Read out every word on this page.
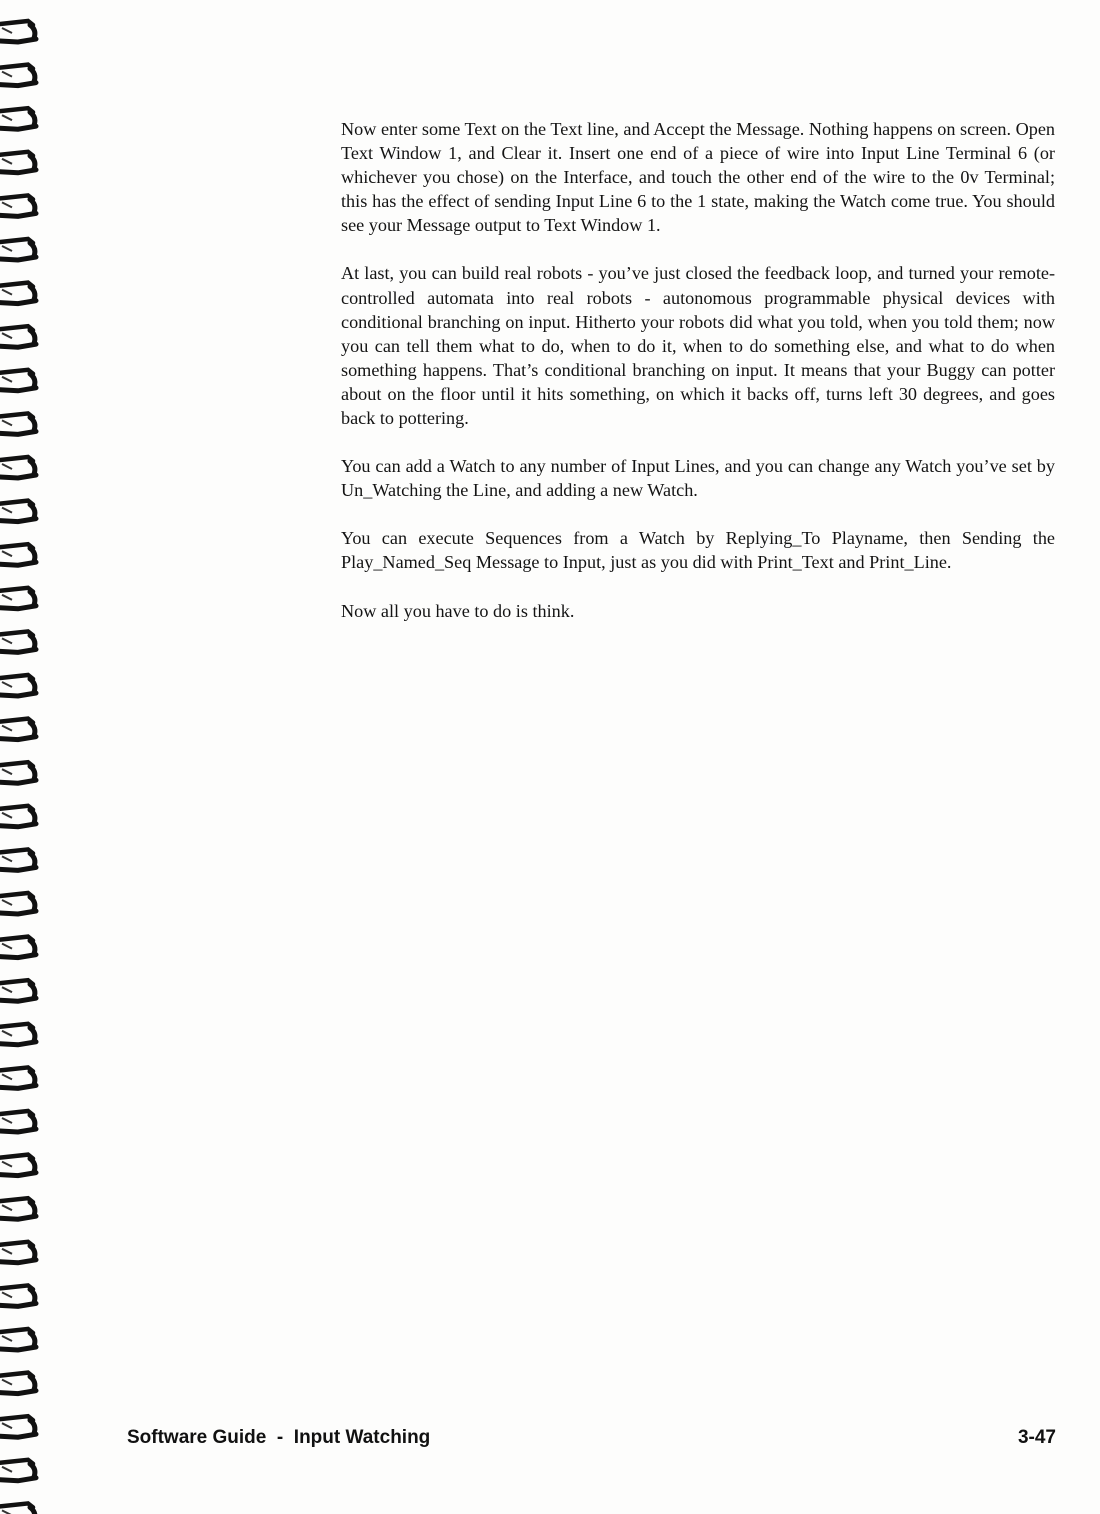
Now enter some Text on the Text line, and Accept the Message. Nothing happens on screen. Open Text Window 1, and Clear it. Insert one end of a piece of wire into Input Line Terminal 6 (or whichever you chose) on the Interface, and touch the other end of the wire to the 0v Terminal; this has the effect of sending Input Line 6 to the 1 state, making the Watch come true. You should see your Message output to Text Window 1.

At last, you can build real robots - you’ve just closed the feedback loop, and turned your remote- controlled automata into real robots - autonomous programmable physical devices with conditional branching on input. Hitherto your robots did what you told, when you told them; now you can tell them what to do, when to do it, when to do something else, and what to do when something happens. That’s conditional branching on input. It means that your Buggy can potter about on the floor until it hits something, on which it backs off, turns left 30 degrees, and goes back to pottering.

You can add a Watch to any number of Input Lines, and you can change any Watch you’ve set by Un_Watching the Line, and adding a new Watch.

You can execute Sequences from a Watch by Replying_To Playname, then Sending the Play_Named_Seq Message to Input, just as you did with Print_Text and Print_Line.

Now all you have to do is think.

Software Guide  -  Input Watching	3-47
